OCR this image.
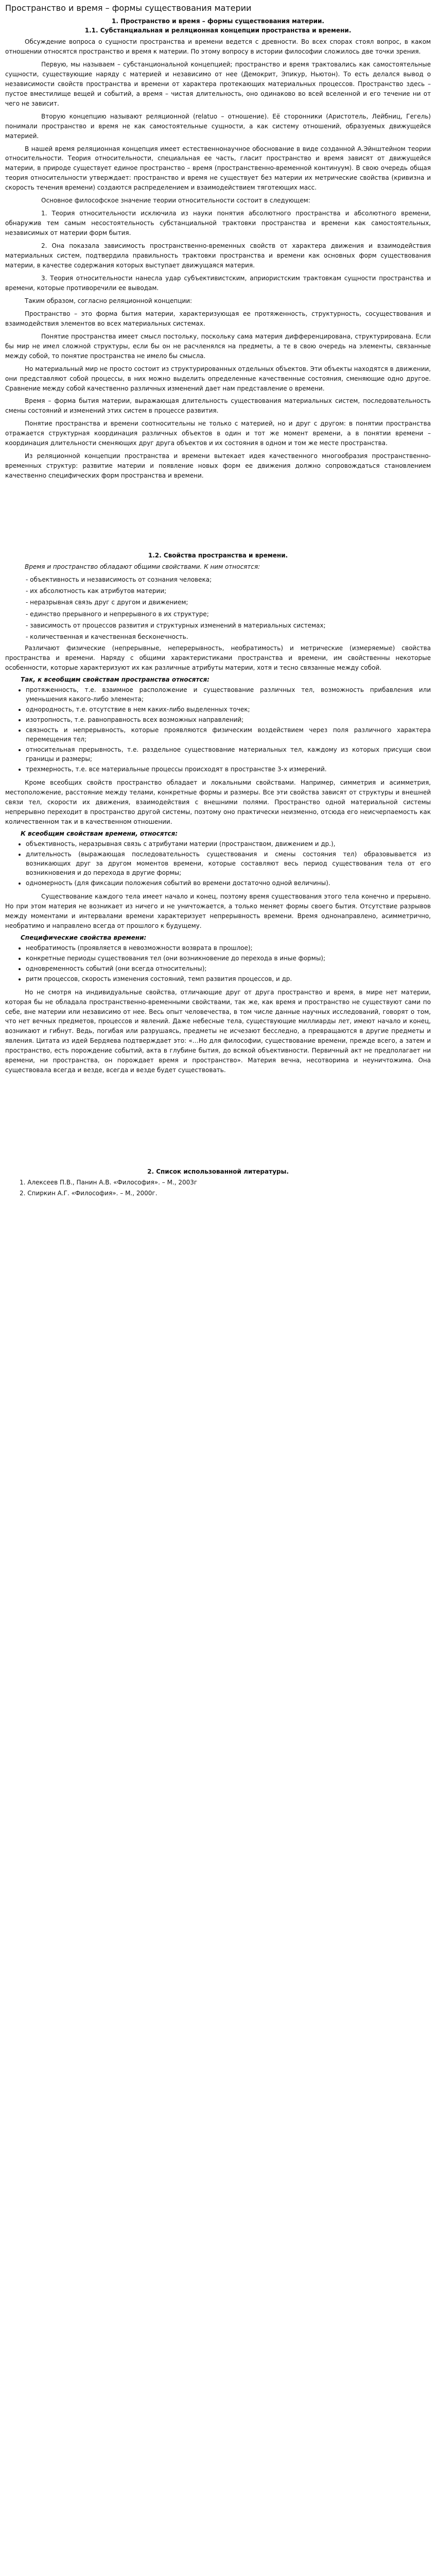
Пространство и время – формы существования материи
1. Пространство и время – формы существования материи.
1.1. Субстанциальная и реляционная концепции пространства и времени.

Обсуждение вопроса о сущности пространства и времени ведется с древности. Во всех спорах стоял вопрос, в каком отношении относятся пространство и время к материи. По этому вопросу в истории философии сложилось две точки зрения.

Первую, мы называем – субстанциональной концепцией; пространство и время трактовались как самостоятельные сущности, существующие наряду с материей и независимо от нее (Демокрит, Эпикур, Ньютон). То есть делался вывод о независимости свойств пространства и времени от характера протекающих материальных процессов. Пространство здесь – пустое вместилище вещей и событий, а время – чистая длительность, оно одинаково во всей вселенной и его течение ни от чего не зависит.

Вторую концепцию называют реляционной (relatuo – отношение). Её сторонники (Аристотель, Лейбниц, Гегель) понимали пространство и время не как самостоятельные сущности, а как систему отношений, образуемых движущейся материей.

В нашей время реляционная концепция имеет естественнонаучное обоснование в виде созданной А.Эйнштейном теории относительности. Теория относительности, специальная ее часть, гласит пространство и время зависят от движущейся материи, в природе существует единое пространство – время (пространственно-временной континуум). В свою очередь общая теория относительности утверждает: пространство и время не существует без материи их метрические свойства (кривизна и скорость течения времени) создаются распределением и взаимодействием тяготеющих масс.

Основное философское значение теории относительности состоит в следующем:

1. Теория относительности исключила из науки понятия абсолютного пространства и абсолютного времени, обнаружив тем самым несостоятельность субстанциальной трактовки пространства и времени как самостоятельных, независимых от материи форм бытия.

2. Она показала зависимость пространственно-временных свойств от характера движения и взаимодействия материальных систем, подтвердила правильность трактовки пространства и времени как основных форм существования материи, в качестве содержания которых выступает движущаяся материя.

3. Теория относительности нанесла удар субъективистским, априористским трактовкам сущности пространства и времени, которые противоречили ее выводам.

Таким образом, согласно реляционной концепции:

Пространство – это форма бытия материи, характеризующая ее протяженность, структурность, сосуществования и взаимодействия элементов во всех материальных системах.

Понятие пространства имеет смысл постольку, поскольку сама материя дифференцирована, структурирована. Если бы мир не имел сложной структуры, если бы он не расчленялся на предметы, а те в свою очередь на элементы, связанные между собой, то понятие пространства не имело бы смысла.

Но материальный мир не просто состоит из структурированных отдельных объектов. Эти объекты находятся в движении, они представляют собой процессы, в них можно выделить определенные качественные состояния, сменяющие одно другое. Сравнение между собой качественно различных изменений дает нам представление о времени.

Время – форма бытия материи, выражающая длительность существования материальных систем, последовательность смены состояний и изменений этих систем в процессе развития.

Понятие пространства и времени соотносительны не только с материей, но и друг с другом: в понятии пространства отражается структурная координация различных объектов в один и тот же момент времени, а в понятии времени – координация длительности сменяющих друг друга объектов и их состояния в одном и том же месте пространства.

Из реляционной концепции пространства и времени вытекает идея качественного многообразия пространственно-временных структур: развитие материи и появление новых форм ее движения должно сопровождаться становлением качественно специфических форм пространства и времени.

1.2. Свойства пространства и времени.

Время и пространство обладают общими свойствами. К ним относятся:

- объективность и независимость от сознания человека;
- их абсолютность как атрибутов материи;
- неразрывная связь друг с другом и движением;
- единство прерывного и непрерывного в их структуре;
- зависимость от процессов развития и структурных изменений в материальных системах;
- количественная и качественная бесконечность.

Различают физические (непрерывные, неперерывность, необратимость) и метрические (измеряемые) свойства пространства и времени. Наряду с общими характеристиками пространства и времени, им свойственны некоторые особенности, которые характеризуют их как различные атрибуты материи, хотя и тесно связанные между собой.

Так, к всеобщим свойствам пространства относятся:
• протяженность, т.е. взаимное расположение и существование различных тел, возможность прибавления или уменьшения какого-либо элемента;
• однородность, т.е. отсутствие в нем каких-либо выделенных точек;
• изотропность, т.е. равноправность всех возможных направлений;
• связность и непрерывность, которые проявляются физическим воздействием через поля различного характера перемещения тел;
• относительная прерывность, т.е. раздельное существование материальных тел, каждому из которых присущи свои границы и размеры;
• трехмерность, т.е. все материальные процессы происходят в пространстве 3-х измерений.

Кроме всеобщих свойств пространство обладает и локальными свойствами. Например, симметрия и асимметрия, местоположение, расстояние между телами, конкретные формы и размеры. Все эти свойства зависят от структуры и внешней связи тел, скорости их движения, взаимодействия с внешними полями. Пространство одной материальной системы непрерывно переходит в пространство другой системы, поэтому оно практически неизменно, отсюда его неисчерпаемость как количественном так и в качественном отношении.

К всеобщим свойствам времени, относятся:
• объективность, неразрывная связь с атрибутами материи (пространством, движением и др.),
• длительность (выражающая последовательность существования и смены состояния тел) образовывается из возникающих друг за другом моментов времени, которые составляют весь период существования тела от его возникновения и до перехода в другие формы;
• одномерность (для фиксации положения событий во времени достаточно одной величины).

Существование каждого тела имеет начало и конец, поэтому время существования этого тела конечно и прерывно. Но при этом материя не возникает из ничего и не уничтожается, а только меняет формы своего бытия. Отсутствие разрывов между моментами и интервалами времени характеризует непрерывность времени. Время однонаправлено, асимметрично, необратимо и направлено всегда от прошлого к будущему.

Специфические свойства времени:
• необратимость (проявляется в невозможности возврата в прошлое);
• конкретные периоды существования тел (они возникновение до перехода в иные формы);
• одновременность событий (они всегда относительны);
• ритм процессов, скорость изменения состояний, темп развития процессов, и др.

Но не смотря на индивидуальные свойства, отличающие друг от друга пространство и время, в мире нет материи, которая бы не обладала пространственно-временными свойствами, так же, как время и пространство не существуют сами по себе, вне материи или независимо от нее. Весь опыт человечества, в том числе данные научных исследований, говорят о том, что нет вечных предметов, процессов и явлений. Даже небесные тела, существующие миллиарды лет, имеют начало и конец, возникают и гибнут. Ведь, погибая или разрушаясь, предметы не исчезают бесследно, а превращаются в другие предметы и явления. Цитата из идей Бердяева подтверждает это: «…Но для философии, существование времени, прежде всего, а затем и пространство, есть порождение событий, акта в глубине бытия, до всякой объективности. Первичный акт не предполагает ни времени, ни пространства, он порождает время и пространство». Материя вечна, несотворима и неуничтожима. Она существовала всегда и везде, всегда и везде будет существовать.

2. Список использованной литературы.
1. Алексеев П.В., Панин А.В. «Философия». – М., 2003г
2. Спиркин А.Г. «Философия». – М., 2000г.
